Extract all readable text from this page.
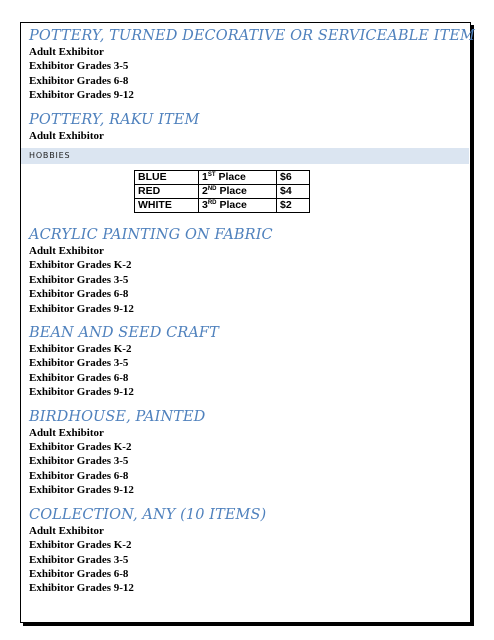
POTTERY, TURNED DECORATIVE OR SERVICEABLE ITEM

Adult Exhibitor

Exhibitor Grades 3-5

Exhibitor Grades 6-8

Exhibitor Grades 9-12

POTTERY, RAKU ITEM

Adult Exhibitor

HOBBIES
BLUE	1ST Place	$6
RED	2ND Place	$4
WHITE	3RD Place	$2

ACRYLIC PAINTING ON FABRIC

Adult Exhibitor

Exhibitor Grades K-2

Exhibitor Grades 3-5

Exhibitor Grades 6-8

Exhibitor Grades 9-12

BEAN AND SEED CRAFT

Exhibitor Grades K-2

Exhibitor Grades 3-5

Exhibitor Grades 6-8

Exhibitor Grades 9-12

BIRDHOUSE, PAINTED

Adult Exhibitor

Exhibitor Grades K-2

Exhibitor Grades 3-5

Exhibitor Grades 6-8

Exhibitor Grades 9-12

COLLECTION, ANY (10 ITEMS)

Adult Exhibitor

Exhibitor Grades K-2

Exhibitor Grades 3-5

Exhibitor Grades 6-8

Exhibitor Grades 9-12
